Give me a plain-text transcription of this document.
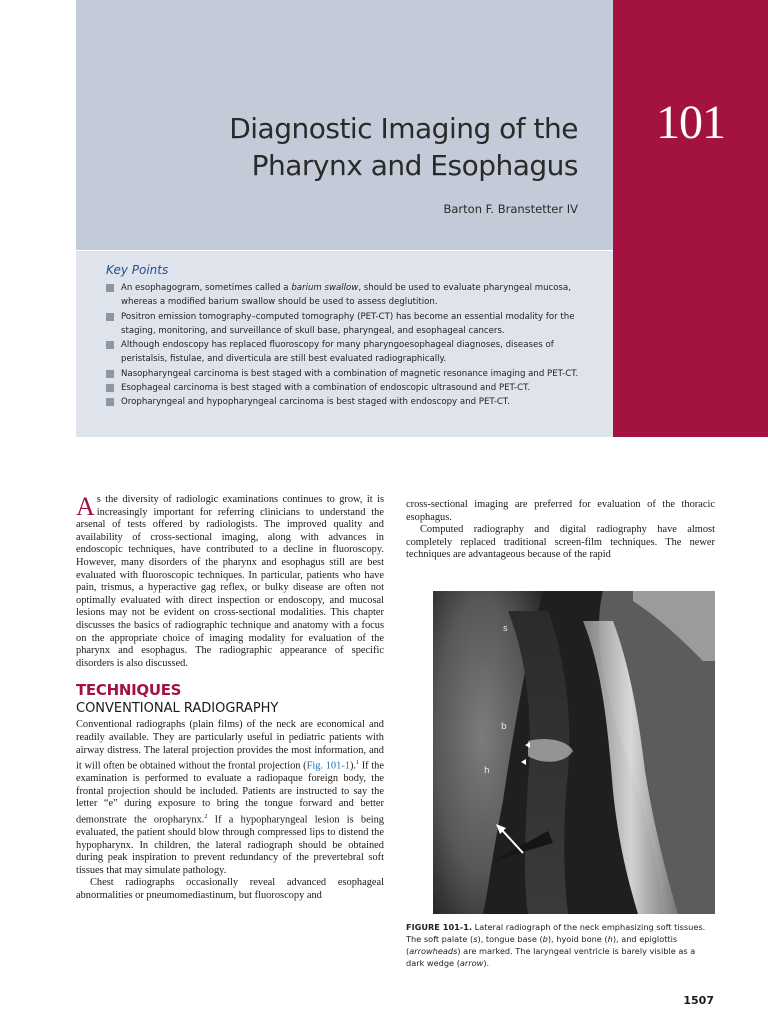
101
Diagnostic Imaging of the
Pharynx and Esophagus
Barton F. Branstetter IV
Key Points
An esophagogram, sometimes called a barium swallow, should be used to evaluate pharyngeal mucosa, whereas a modified barium swallow should be used to assess deglutition.
Positron emission tomography–computed tomography (PET-CT) has become an essential modality for the staging, monitoring, and surveillance of skull base, pharyngeal, and esophageal cancers.
Although endoscopy has replaced fluoroscopy for many pharyngoesophageal diagnoses, diseases of peristalsis, fistulae, and diverticula are still best evaluated radiographically.
Nasopharyngeal carcinoma is best staged with a combination of magnetic resonance imaging and PET-CT.
Esophageal carcinoma is best staged with a combination of endoscopic ultrasound and PET-CT.
Oropharyngeal and hypopharyngeal carcinoma is best staged with endoscopy and PET-CT.

As the diversity of radiologic examinations continues to grow, it is increasingly important for referring clinicians to understand the arsenal of tests offered by radiologists. The improved quality and availability of cross-sectional imaging, along with advances in endoscopic techniques, have contributed to a decline in fluoroscopy. However, many disorders of the pharynx and esophagus still are best evaluated with fluoroscopic techniques. In particular, patients who have pain, trismus, a hyperactive gag reflex, or bulky disease are often not optimally evaluated with direct inspection or endoscopy, and mucosal lesions may not be evident on cross-sectional modalities. This chapter discusses the basics of radiographic technique and anatomy with a focus on the appropriate choice of imaging modality for evaluation of the pharynx and esophagus. The radiographic appearance of specific disorders is also discussed.

TECHNIQUES
CONVENTIONAL RADIOGRAPHY

Conventional radiographs (plain films) of the neck are economical and readily available. They are particularly useful in pediatric patients with airway distress. The lateral projection provides the most information, and it will often be obtained without the frontal projection (Fig. 101-1).$^1$ If the examination is performed to evaluate a radiopaque foreign body, the frontal projection should be included. Patients are instructed to say the letter “e” during exposure to bring the tongue forward and better demonstrate the oropharynx.$^2$ If a hypopharyngeal lesion is being evaluated, the patient should blow through compressed lips to distend the hypopharynx. In children, the lateral radiograph should be obtained during peak inspiration to prevent redundancy of the prevertebral soft tissues that may simulate pathology.

Chest radiographs occasionally reveal advanced esophageal abnormalities or pneumomediastinum, but fluoroscopy and

cross-sectional imaging are preferred for evaluation of the thoracic esophagus.

Computed radiography and digital radiography have almost completely replaced traditional screen-film techniques. The newer techniques are advantageous because of the rapid

s
b
h
FIGURE 101-1. Lateral radiograph of the neck emphasizing soft tissues. The soft palate (s), tongue base (b), hyoid bone (h), and epiglottis (arrowheads) are marked. The laryngeal ventricle is barely visible as a dark wedge (arrow).
1507
